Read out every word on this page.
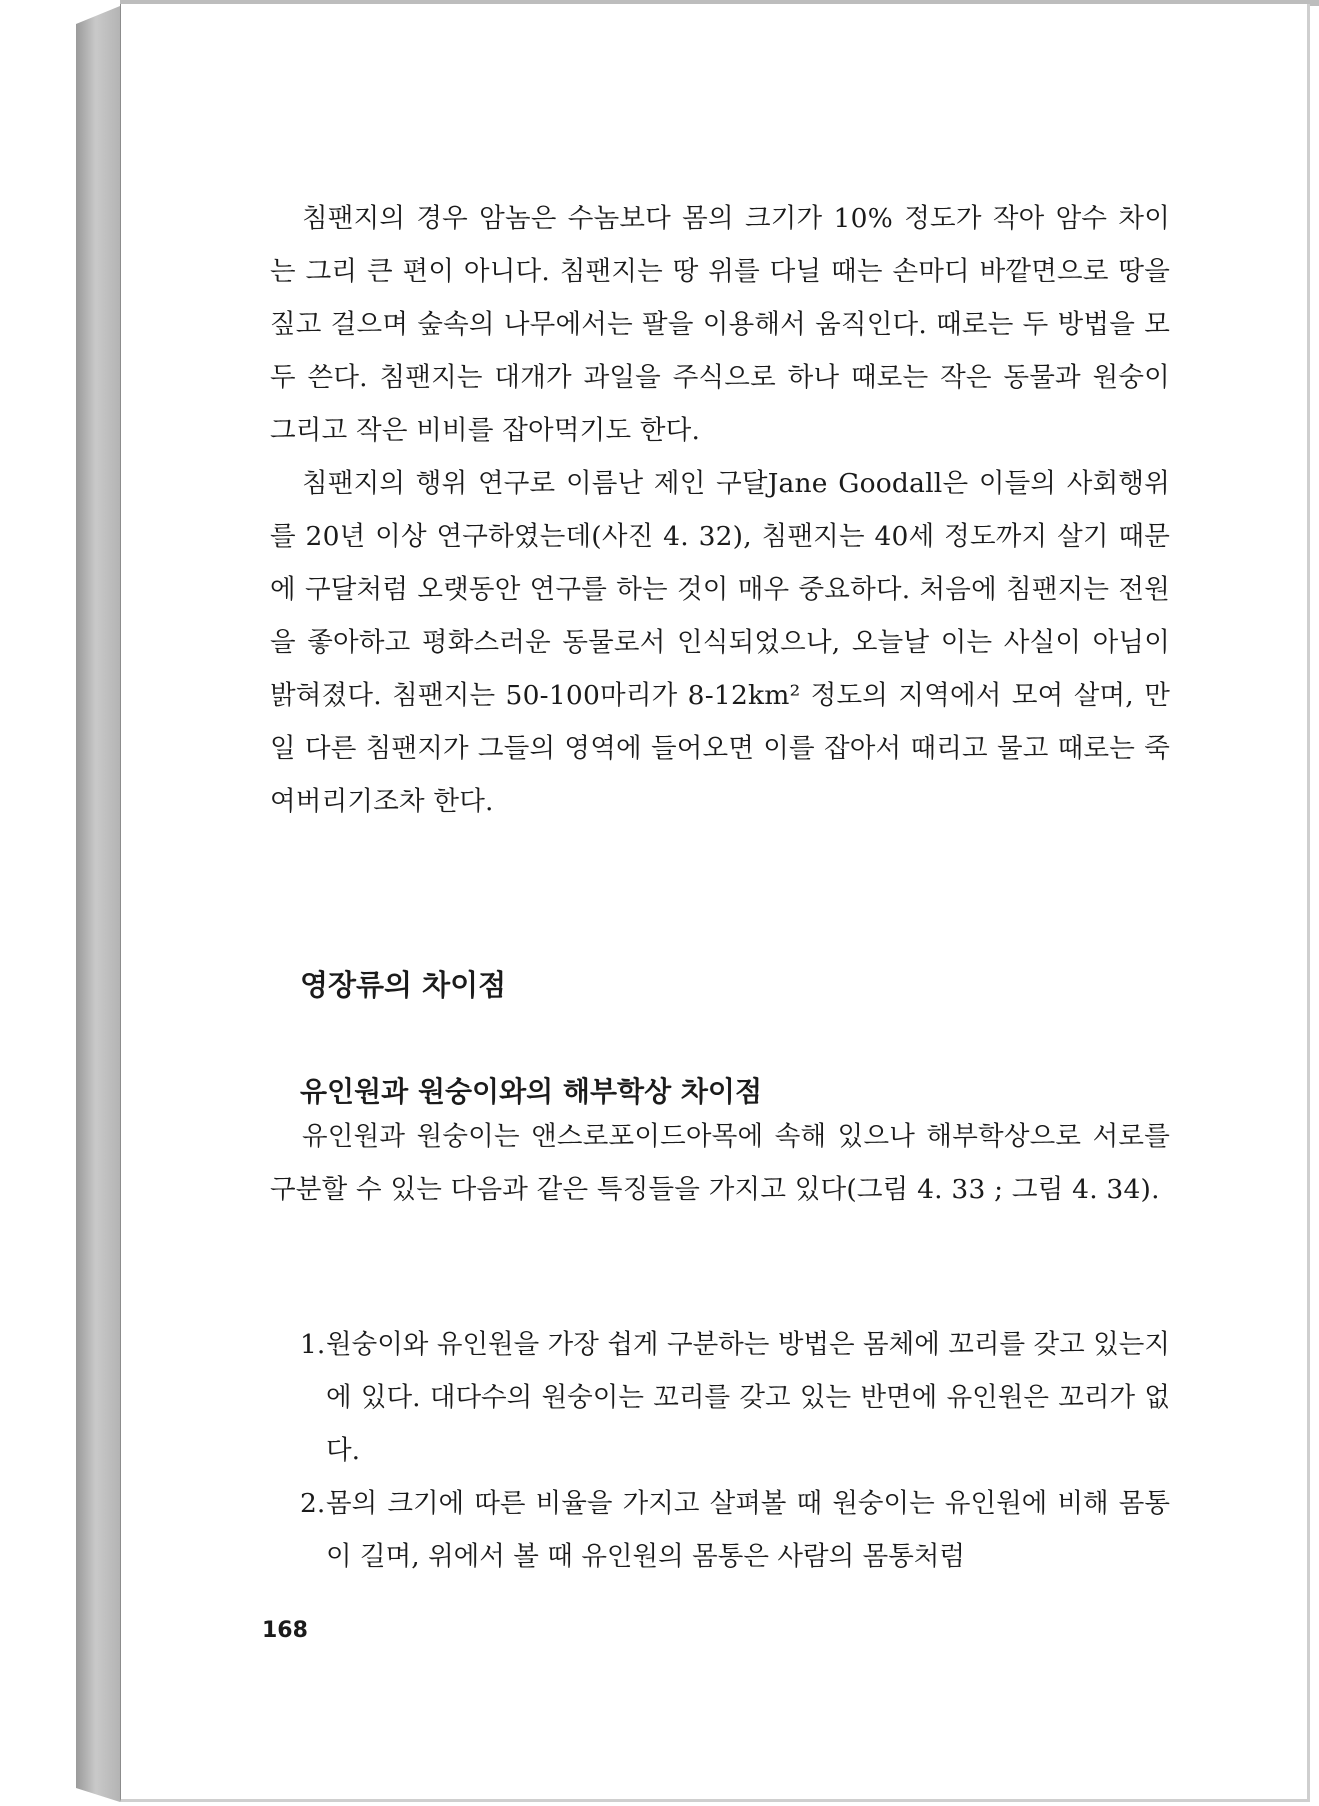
침팬지의 경우 암놈은 수놈보다 몸의 크기가 10% 정도가 작아 암수 차이는 그리 큰 편이 아니다. 침팬지는 땅 위를 다닐 때는 손마디 바깥면으로 땅을 짚고 걸으며 숲속의 나무에서는 팔을 이용해서 움직인다. 때로는 두 방법을 모두 쓴다. 침팬지는 대개가 과일을 주식으로 하나 때로는 작은 동물과 원숭이 그리고 작은 비비를 잡아먹기도 한다.

침팬지의 행위 연구로 이름난 제인 구달Jane Goodall은 이들의 사회행위를 20년 이상 연구하였는데(사진 4. 32), 침팬지는 40세 정도까지 살기 때문에 구달처럼 오랫동안 연구를 하는 것이 매우 중요하다. 처음에 침팬지는 전원을 좋아하고 평화스러운 동물로서 인식되었으나, 오늘날 이는 사실이 아님이 밝혀졌다. 침팬지는 50-100마리가 8-12km² 정도의 지역에서 모여 살며, 만일 다른 침팬지가 그들의 영역에 들어오면 이를 잡아서 때리고 물고 때로는 죽여버리기조차 한다.

영장류의 차이점
유인원과 원숭이와의 해부학상 차이점

유인원과 원숭이는 앤스로포이드아목에 속해 있으나 해부학상으로 서로를 구분할 수 있는 다음과 같은 특징들을 가지고 있다(그림 4. 33 ; 그림 4. 34).

1. 원숭이와 유인원을 가장 쉽게 구분하는 방법은 몸체에 꼬리를 갖고 있는지에 있다. 대다수의 원숭이는 꼬리를 갖고 있는 반면에 유인원은 꼬리가 없다.
2. 몸의 크기에 따른 비율을 가지고 살펴볼 때 원숭이는 유인원에 비해 몸통이 길며, 위에서 볼 때 유인원의 몸통은 사람의 몸통처럼

168
